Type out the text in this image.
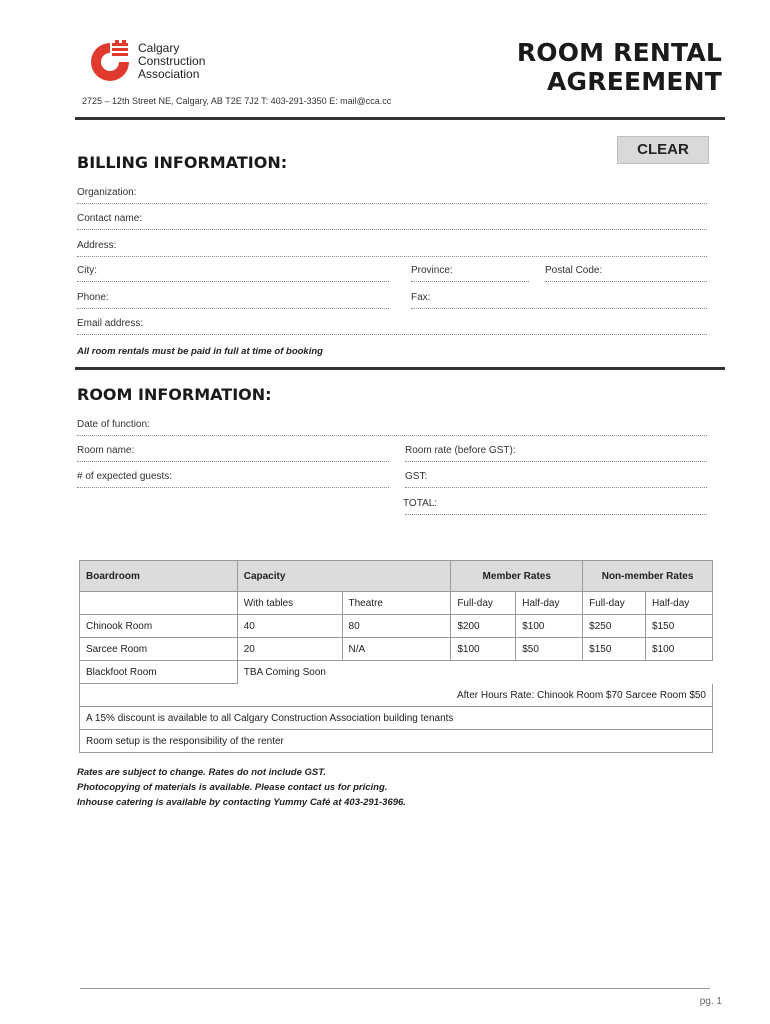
Calgary
Construction
Association
ROOM RENTAL
AGREEMENT
2725 – 12th Street NE, Calgary, AB T2E 7J2 T: 403-291-3350 E: mail@cca.cc
CLEAR
BILLING INFORMATION:
Organization:
Contact name:
Address:
City:	Province:	Postal Code:
Phone:	Fax:
Email address:
All room rentals must be paid in full at time of booking
ROOM INFORMATION:
Date of function:
Room name:	Room rate (before GST):
# of expected guests:	GST:
TOTAL:
Boardroom	Capacity		Member Rates		Non-member Rates	
	With tables	Theatre	Full-day	Half-day	Full-day	Half-day
Chinook Room	40	80	$200	$100	$250	$150
Sarcee Room	20	N/A	$100	$50	$150	$100
Blackfoot Room	TBA Coming Soon					
After Hours Rate: Chinook Room $70 Sarcee Room $50						
A 15% discount is available to all Calgary Construction Association building tenants						
Room setup is the responsibility of the renter						
Rates are subject to change. Rates do not include GST.
Photocopying of materials is available. Please contact us for pricing.
Inhouse catering is available by contacting Yummy Café at 403-291-3696.
pg. 1
